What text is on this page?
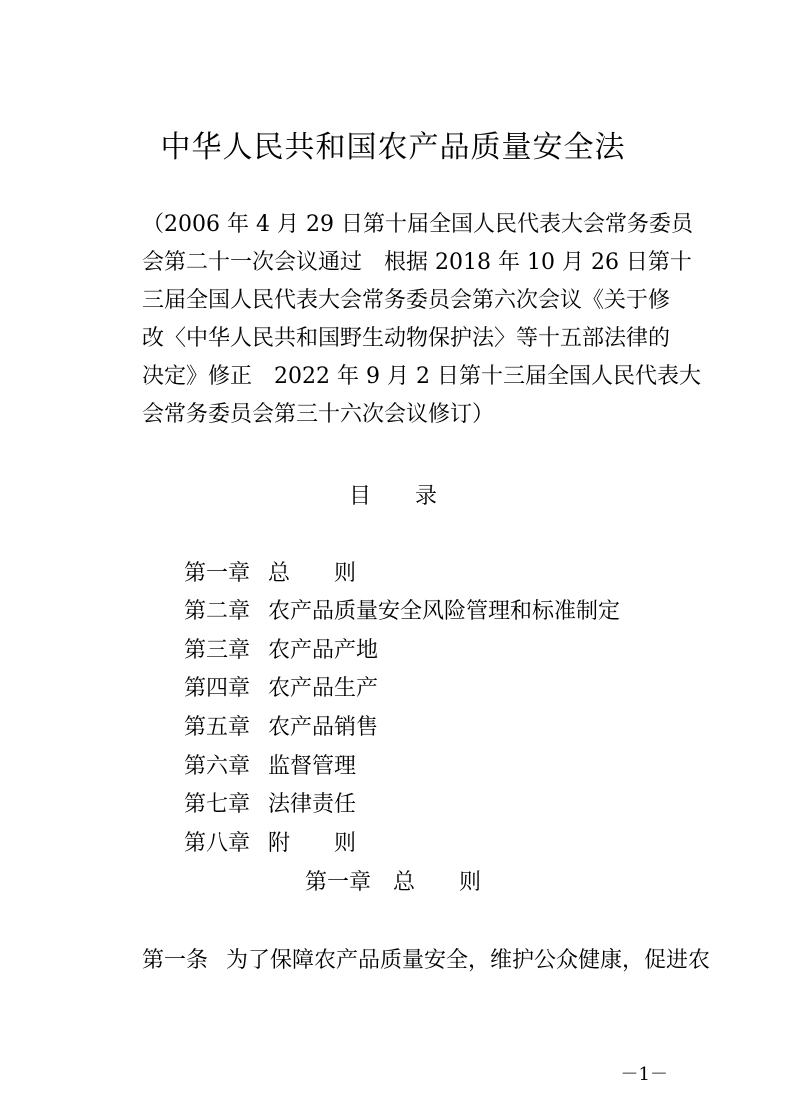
中华人民共和国农产品质量安全法
（2006 年 4 月 29 日第十届全国人民代表大会常务委员
会第二十一次会议通过　根据 2018 年 10 月 26 日第十
三届全国人民代表大会常务委员会第六次会议《关于修
改〈中华人民共和国野生动物保护法〉等十五部法律的
决定》修正　2022 年 9 月 2 日第十三届全国人民代表大
会常务委员会第三十六次会议修订）
目　　录

第一章 总　　则

第二章 农产品质量安全风险管理和标准制定

第三章 农产品产地

第四章 农产品生产

第五章 农产品销售

第六章 监督管理

第七章 法律责任

第八章 附　　则

第一章　总　　则
第一条 为了保障农产品质量安全，维护公众健康，促进农
－1－
